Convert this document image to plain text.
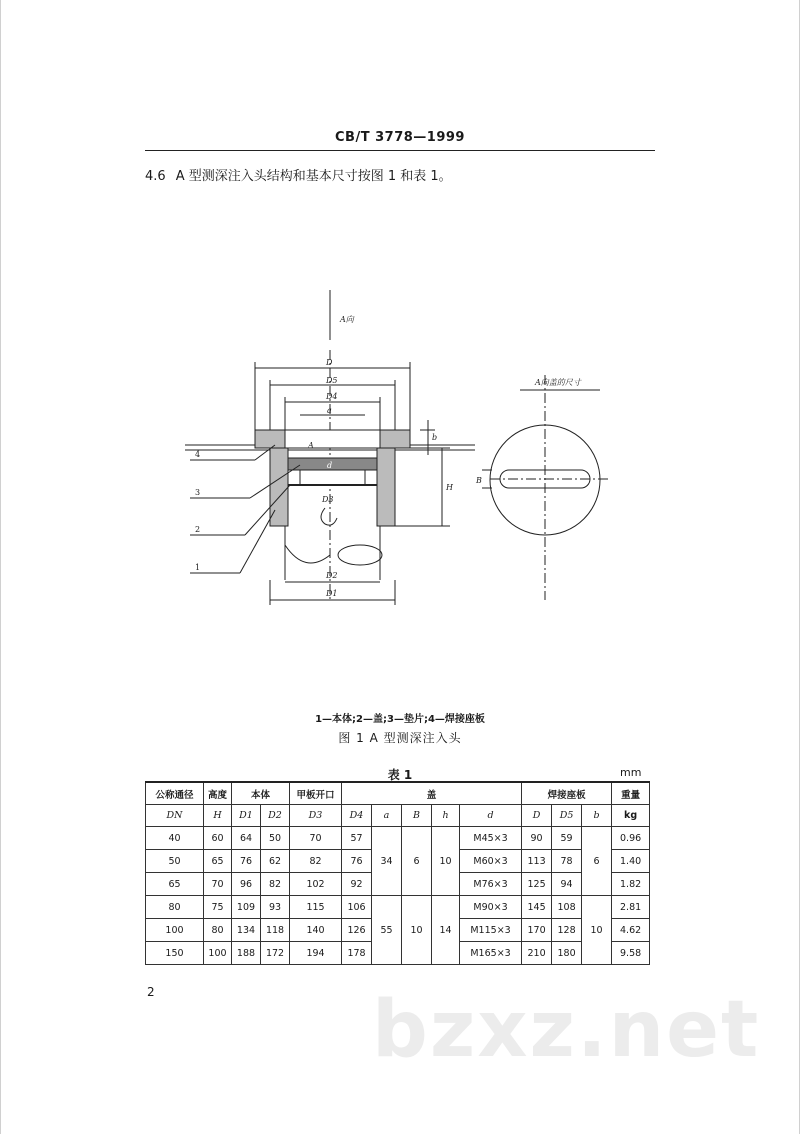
CB/T 3778—1999
4.6 A 型测深注入头结构和基本尺寸按图 1 和表 1。
A向
D
D5
D4
a
d
D3
H
b
A
D2
D1
4
3
2
1
A向盖的尺寸
B
1—本体;2—盖;3—垫片;4—焊接座板
图 1 A 型测深注入头
表 1	mm
公称通径	高度	本体		甲板开口	盖					焊接座板			重量
DN	H	D1	D2	D3	D4	a	B	h	d	D	D5	b	kg
40	60	64	50	70	57	34	6	10	M45×3	90	59	6	0.96
50	65	76	62	82	76				M60×3	113	78		1.40
65	70	96	82	102	92				M76×3	125	94		1.82
80	75	109	93	115	106	55	10	14	M90×3	145	108	10	2.81
100	80	134	118	140	126				M115×3	170	128		4.62
150	100	188	172	194	178				M165×3	210	180		9.58
2	bzxz.net
